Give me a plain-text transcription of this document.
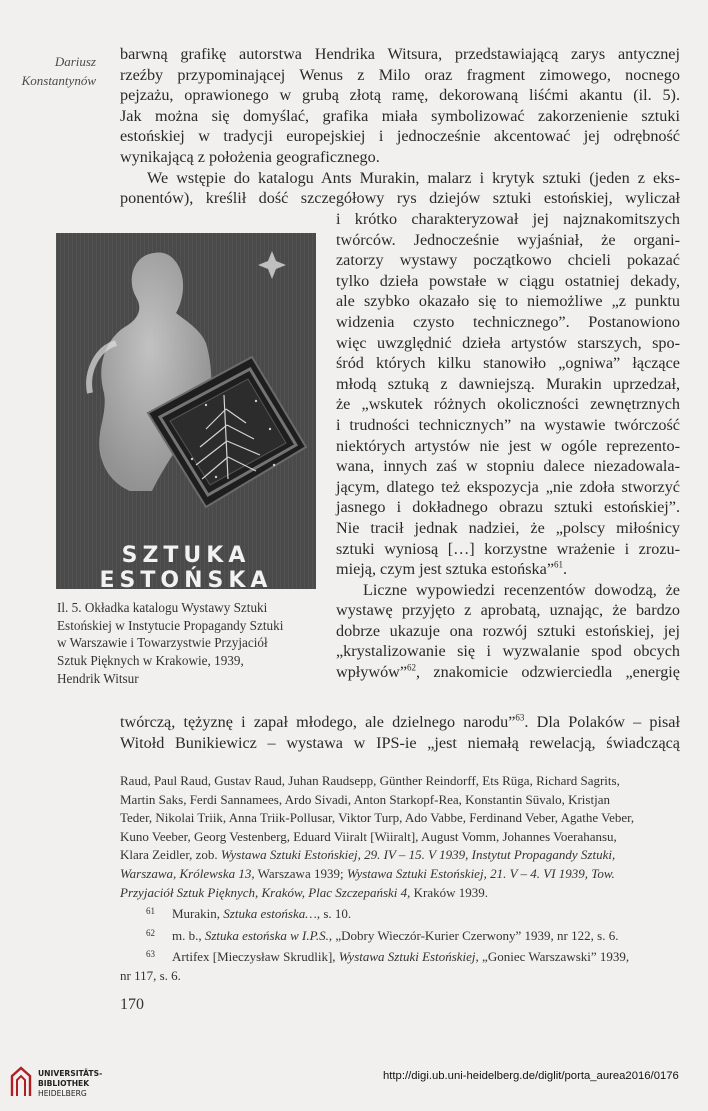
Dariusz
Konstantynów
barwną grafikę autorstwa Hendrika Witsura, przedstawiającą zarys antycznej
rzeźby przypominającej Wenus z Milo oraz fragment zimowego, nocnego
pejzażu, oprawionego w grubą złotą ramę, dekorowaną liśćmi akantu (il. 5).
Jak można się domyślać, grafika miała symbolizować zakorzenienie sztuki
estońskiej w tradycji europejskiej i jednocześnie akcentować jej odrębność
wynikającą z położenia geograficznego.
We wstępie do katalogu Ants Murakin, malarz i krytyk sztuki (jeden z eks-
ponentów), kreślił dość szczegółowy rys dziejów sztuki estońskiej, wyliczał
i krótko charakteryzował jej najznakomitszych
twórców. Jednocześnie wyjaśniał, że organi-
zatorzy wystawy początkowo chcieli pokazać
tylko dzieła powstałe w ciągu ostatniej dekady,
ale szybko okazało się to niemożliwe „z punktu
widzenia czysto technicznego”. Postanowiono
więc uwzględnić dzieła artystów starszych, spo-
śród których kilku stanowiło „ogniwa” łączące
młodą sztuką z dawniejszą. Murakin uprzedzał,
że „wskutek różnych okoliczności zewnętrznych
i trudności technicznych” na wystawie twórczość
niektórych artystów nie jest w ogóle reprezento-
wana, innych zaś w stopniu dalece niezadowala-
jącym, dlatego też ekspozycja „nie zdoła stworzyć
jasnego i dokładnego obrazu sztuki estońskiej”.
Nie tracił jednak nadziei, że „polscy miłośnicy
sztuki wyniosą […] korzystne wrażenie i zrozu-
mieją, czym jest sztuka estońska”$^{61}$.
Liczne wypowiedzi recenzentów dowodzą, że
wystawę przyjęto z aprobatą, uznając, że bardzo
dobrze ukazuje ona rozwój sztuki estońskiej, jej
„krystalizowanie się i wyzwalanie spod obcych
wpływów”$^{62}$, znakomicie odzwierciedla „energię
twórczą, tężyznę i zapał młodego, ale dzielnego narodu”$^{63}$. Dla Polaków – pisał
Witołd Bunikiewicz – wystawa w IPS-ie „jest niemałą rewelacją, świadczącą
SZTUKA ESTOŃSKA
Il. 5. Okładka katalogu Wystawy Sztuki
Estońskiej w Instytucie Propagandy Sztuki
w Warszawie i Towarzystwie Przyjaciół
Sztuk Pięknych w Krakowie, 1939,
Hendrik Witsur
Raud, Paul Raud, Gustav Raud, Juhan Raudsepp, Günther Reindorff, Ets Rüga, Richard Sagrits,
Martin Saks, Ferdi Sannamees, Ardo Sivadi, Anton Starkopf-Rea, Konstantin Süvalo, Kristjan
Teder, Nikolai Triik, Anna Triik-Pollusar, Viktor Turp, Ado Vabbe, Ferdinand Veber, Agathe Veber,
Kuno Veeber, Georg Vestenberg, Eduard Viiralt [Wiiralt], August Vomm, Johannes Voerahansu,
Klara Zeidler, zob. Wystawa Sztuki Estońskiej, 29. IV – 15. V 1939, Instytut Propagandy Sztuki,
Warszawa, Królewska 13, Warszawa 1939; Wystawa Sztuki Estońskiej, 21. V – 4. VI 1939, Tow.
Przyjaciół Sztuk Pięknych, Kraków, Plac Szczepański 4, Kraków 1939.
61 Murakin, Sztuka estońska…, s. 10.
62 m. b., Sztuka estońska w I.P.S., „Dobry Wieczór-Kurier Czerwony” 1939, nr 122, s. 6.
63 Artifex [Mieczysław Skrudlik], Wystawa Sztuki Estońskiej, „Goniec Warszawski” 1939,
nr 117, s. 6.
170
UNIVERSITÄTS-
BIBLIOTHEK
HEIDELBERG
http://digi.ub.uni-heidelberg.de/diglit/porta_aurea2016/0176
